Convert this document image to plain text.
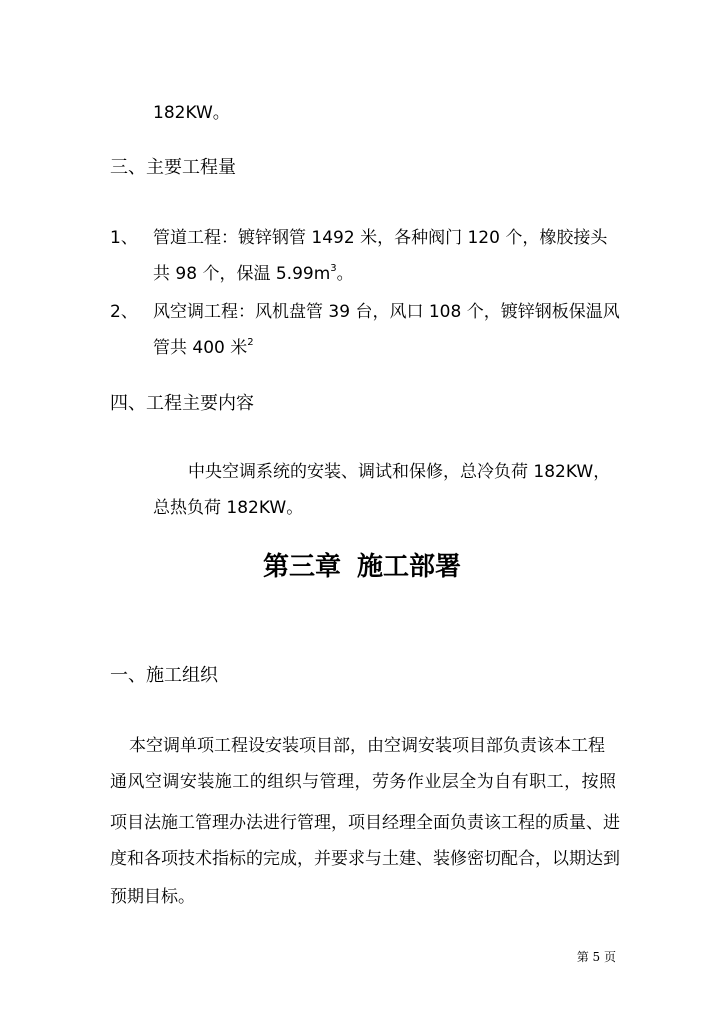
182KW。
三、主要工程量
1、 管道工程：镀锌钢管 1492 米，各种阀门 120 个，橡胶接头
共 98 个，保温 $5.99m^3$。
2、 风空调工程：风机盘管 39 台，风口 108 个，镀锌钢板保温风
管共 400 米$^2$
四、工程主要内容
中央空调系统的安装、调试和保修，总冷负荷 182KW，
总热负荷 182KW。
第三章 施工部署
一、施工组织
本空调单项工程设安装项目部，由空调安装项目部负责该本工程
通风空调安装施工的组织与管理，劳务作业层全为自有职工，按照
项目法施工管理办法进行管理，项目经理全面负责该工程的质量、进
度和各项技术指标的完成，并要求与土建、装修密切配合，以期达到
预期目标。
第 5 页
